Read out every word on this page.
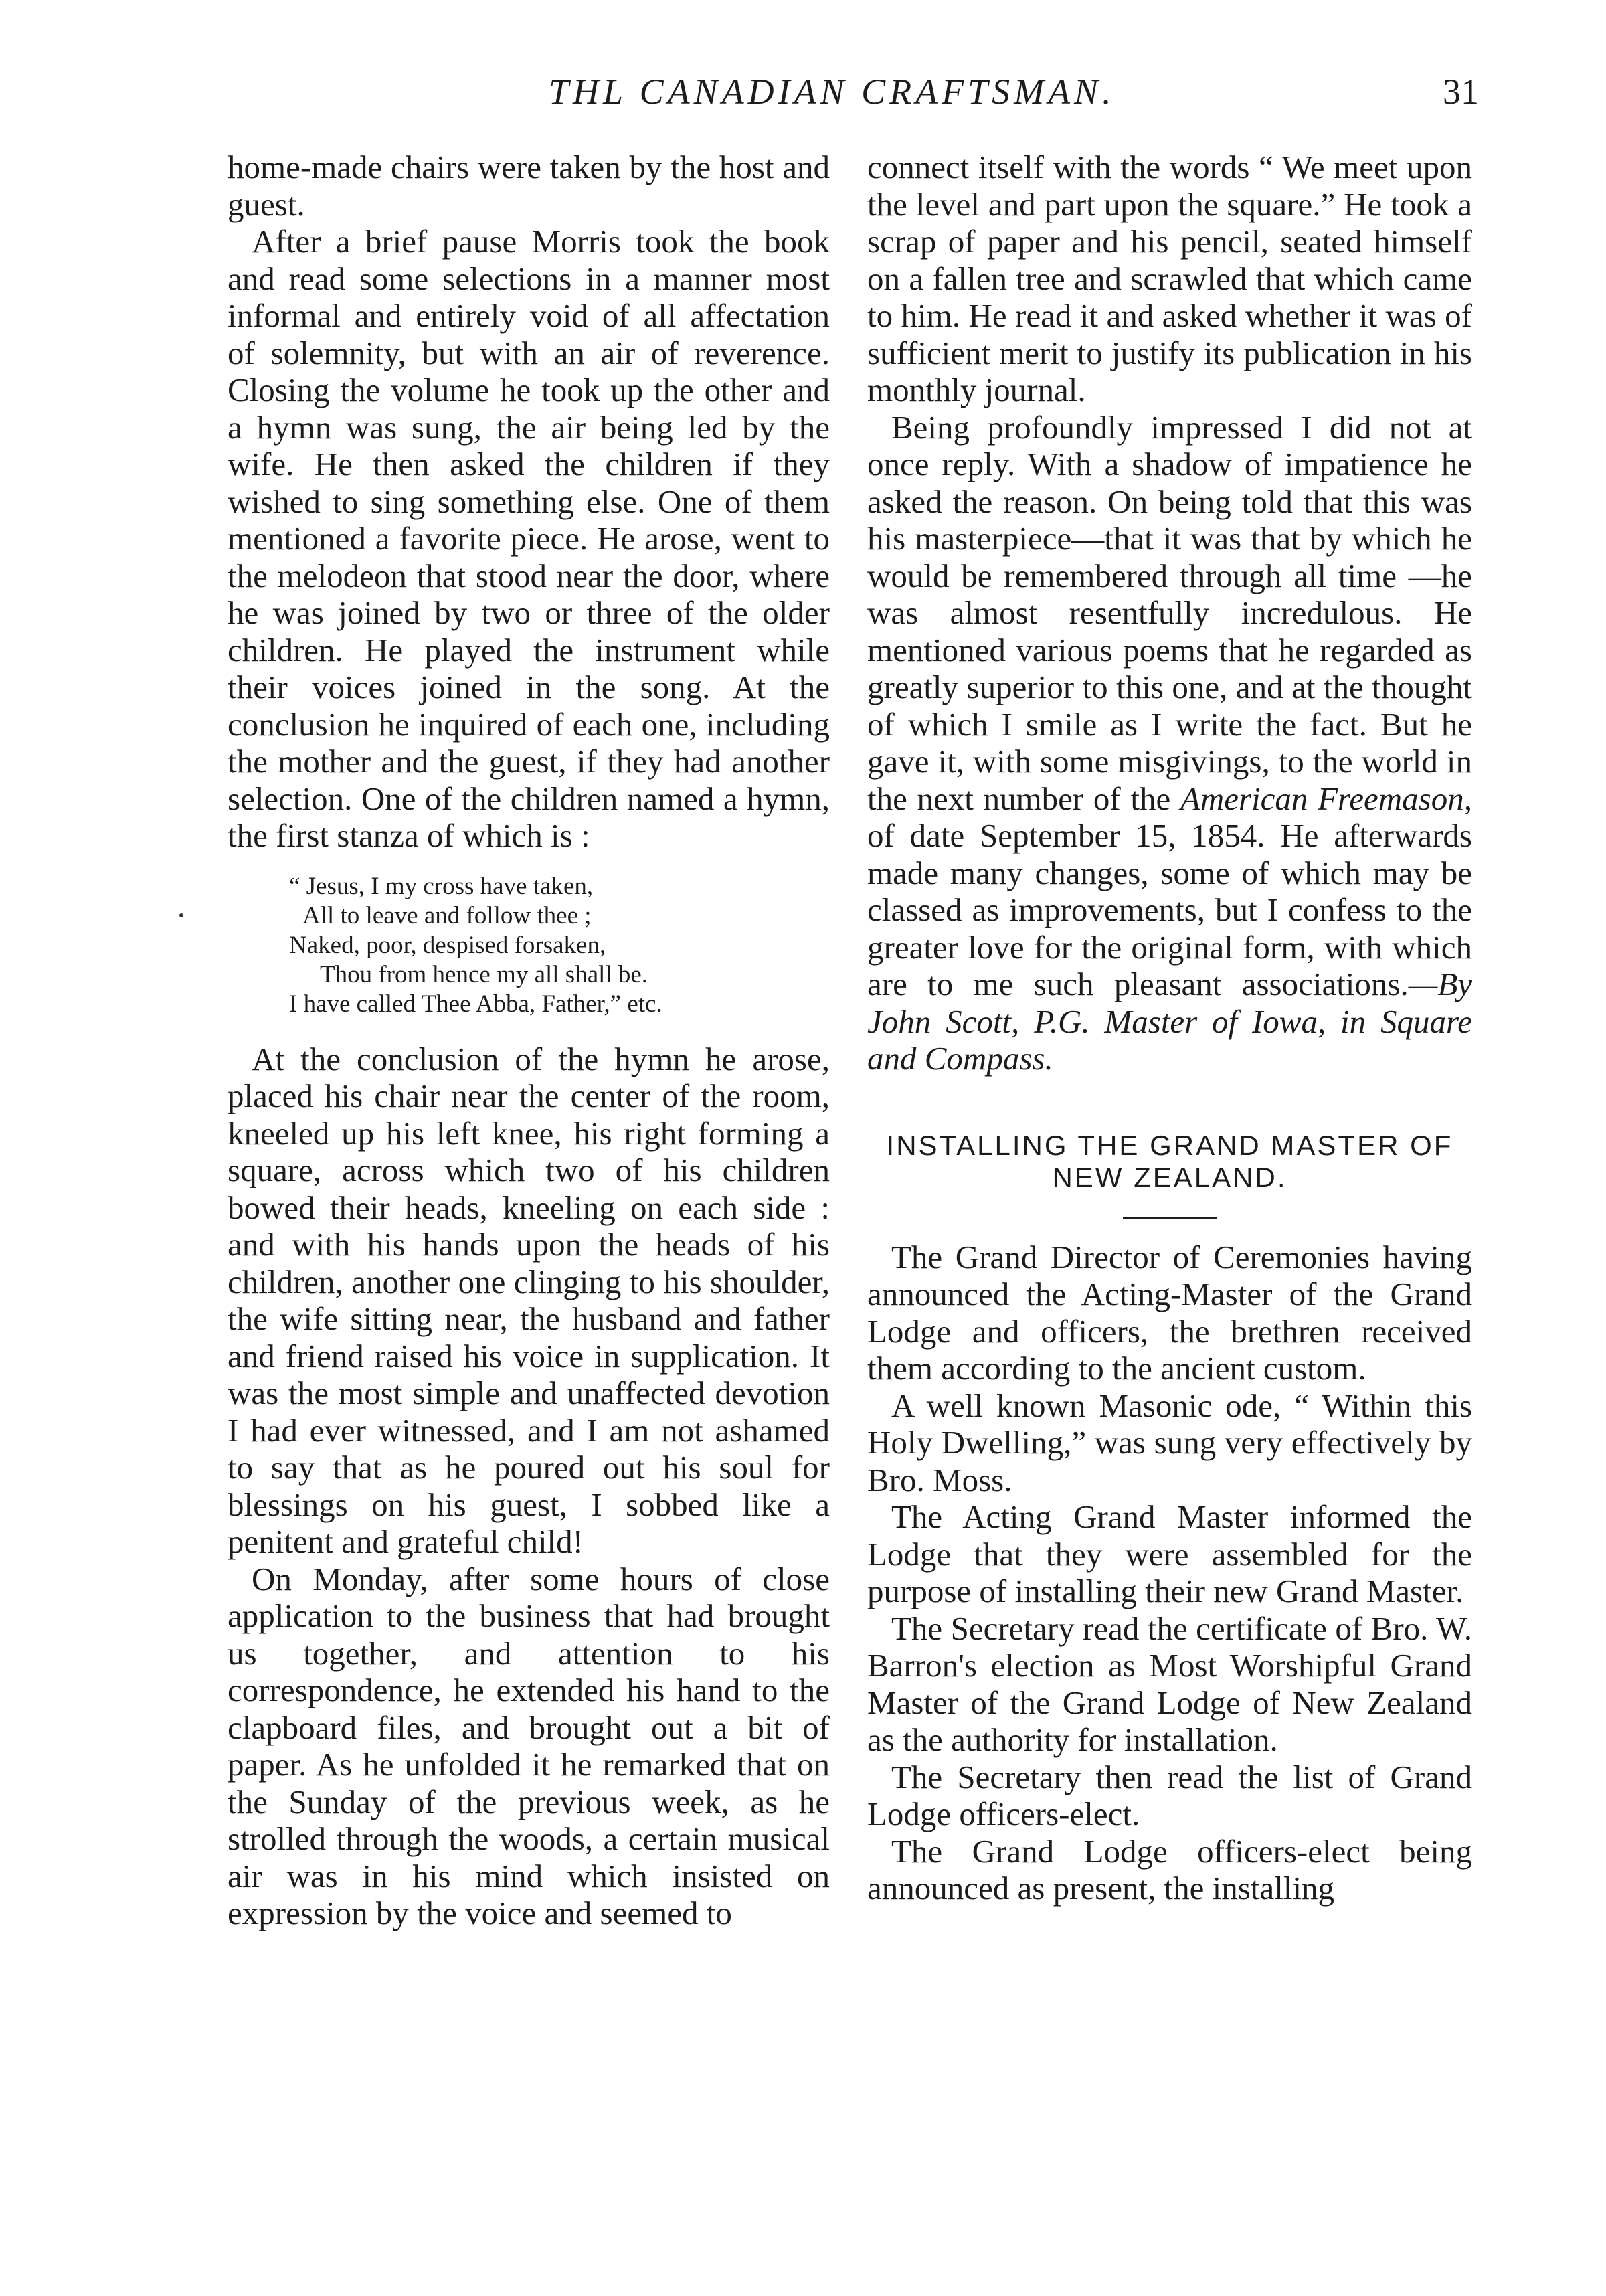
THL CANADIAN CRAFTSMAN.	31

home-made chairs were taken by the host and guest.

After a brief pause Morris took the book and read some selections in a manner most informal and entirely void of all affectation of solemnity, but with an air of reverence. Closing the volume he took up the other and a hymn was sung, the air being led by the wife. He then asked the children if they wished to sing something else. One of them mentioned a favorite piece. He arose, went to the melodeon that stood near the door, where he was joined by two or three of the older children. He played the instrument while their voices joined in the song. At the conclusion he inquired of each one, including the mother and the guest, if they had another selection. One of the children named a hymn, the first stanza of which is :

“ Jesus, I my cross have taken,
All to leave and follow thee ;
Naked, poor, despised forsaken,
Thou from hence my all shall be.
I have called Thee Abba, Father,” etc.

At the conclusion of the hymn he arose, placed his chair near the center of the room, kneeled up his left knee, his right forming a square, across which two of his children bowed their heads, kneeling on each side : and with his hands upon the heads of his children, another one clinging to his shoulder, the wife sitting near, the husband and father and friend raised his voice in supplication. It was the most simple and unaffected devotion I had ever witnessed, and I am not ashamed to say that as he poured out his soul for blessings on his guest, I sobbed like a penitent and grateful child!

On Monday, after some hours of close application to the business that had brought us together, and attention to his correspondence, he extended his hand to the clapboard files, and brought out a bit of paper. As he unfolded it he remarked that on the Sunday of the previous week, as he strolled through the woods, a certain musical air was in his mind which insisted on expression by the voice and seemed to

connect itself with the words “ We meet upon the level and part upon the square.” He took a scrap of paper and his pencil, seated himself on a fallen tree and scrawled that which came to him. He read it and asked whether it was of sufficient merit to justify its publication in his monthly journal.

Being profoundly impressed I did not at once reply. With a shadow of impatience he asked the reason. On being told that this was his masterpiece—that it was that by which he would be remembered through all time —he was almost resentfully incredulous. He mentioned various poems that he regarded as greatly superior to this one, and at the thought of which I smile as I write the fact. But he gave it, with some misgivings, to the world in the next number of the American Freemason, of date September 15, 1854. He afterwards made many changes, some of which may be classed as improvements, but I confess to the greater love for the original form, with which are to me such pleasant associations.—By John Scott, P.G. Master of Iowa, in Square and Compass.

INSTALLING THE GRAND MASTER OF NEW ZEALAND.

The Grand Director of Ceremonies having announced the Acting-Master of the Grand Lodge and officers, the brethren received them according to the ancient custom.

A well known Masonic ode, “ Within this Holy Dwelling,” was sung very effectively by Bro. Moss.

The Acting Grand Master informed the Lodge that they were assembled for the purpose of installing their new Grand Master.

The Secretary read the certificate of Bro. W. Barron's election as Most Worshipful Grand Master of the Grand Lodge of New Zealand as the authority for installation.

The Secretary then read the list of Grand Lodge officers-elect.

The Grand Lodge officers-elect being announced as present, the installing
